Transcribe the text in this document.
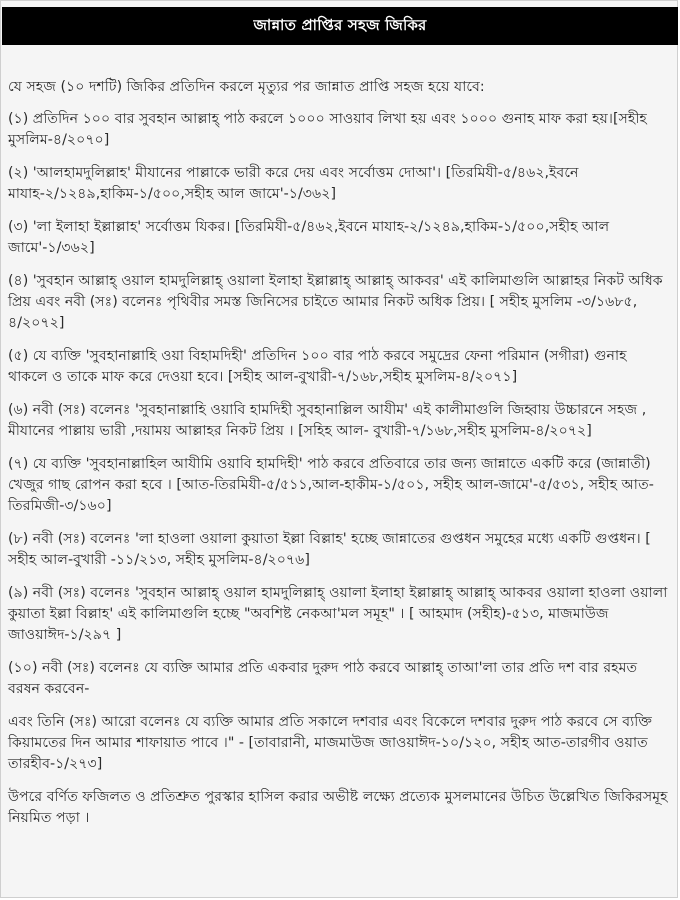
জান্নাত প্রাপ্তির সহজ জিকির

যে সহজ (১০ দশটি) জিকির প্রতিদিন করলে মৃত্যুর পর জান্নাত প্রাপ্তি সহজ হয়ে যাবে:

(১) প্রতিদিন ১০০ বার সুবহান আল্লাহ্ পাঠ করলে ১০০০ সাওয়াব লিখা হয় এবং ১০০০ গুনাহ মাফ করা হয়।[সহীহ মুসলিম-৪/২০৭০]

(২) 'আলহামদুলিল্লাহ' মীযানের পাল্লাকে ভারী করে দেয় এবং সর্বোত্তম দোআ'। [তিরমিযী-৫/৪৬২,ইবনে মাযাহ-২/১২৪৯,হাকিম-১/৫০০,সহীহ আল জামে'-১/৩৬২]

(৩) 'লা ইলাহা ইল্লাল্লাহ' সর্বোত্তম যিকর। [তিরমিযী-৫/৪৬২,ইবনে মাযাহ-২/১২৪৯,হাকিম-১/৫০০,সহীহ আল জামে'-১/৩৬২]

(৪) 'সুবহান আল্লাহ্ ওয়াল হামদুলিল্লাহ্ ওয়ালা ইলাহা ইল্লাল্লাহ্ আল্লাহ্ আকবর' এই কালিমাগুলি আল্লাহর নিকট অধিক প্রিয় এবং নবী (সঃ) বলেনঃ পৃথিবীর সমস্ত জিনিসের চাইতে আমার নিকট অধিক প্রিয়। [ সহীহ মুসলিম -৩/১৬৮৫, ৪/২০৭২]

(৫) যে ব্যক্তি 'সুবহানাল্লাহি ওয়া বিহামদিহী' প্রতিদিন ১০০ বার পাঠ করবে সমুদ্রের ফেনা পরিমান (সগীরা) গুনাহ থাকলে ও তাকে মাফ করে দেওয়া হবে। [সহীহ আল-বুখারী-৭/১৬৮,সহীহ মুসলিম-৪/২০৭১]

(৬) নবী (সঃ) বলেনঃ 'সুবহানাল্লাহি ওয়াবি হামদিহী সুবহানাল্লিল আযীম' এই কালীমাগুলি জিহ্বায় উচ্চারনে সহজ , মীযানের পাল্লায় ভারী ,দয়াময় আল্লাহর নিকট প্রিয় । [সহিহ আল- বুখারী-৭/১৬৮,সহীহ মুসলিম-৪/২০৭২]

(৭) যে ব্যক্তি 'সুবহানাল্লাহিল আযীমি ওয়াবি হামদিহী' পাঠ করবে প্রতিবারে তার জন্য জান্নাতে একটি করে (জান্নাতী) খেজুর গাছ রোপন করা হবে । [আত-তিরমিযী-৫/৫১১,আল-হাকীম-১/৫০১, সহীহ আল-জামে'-৫/৫৩১, সহীহ আত-তিরমিজী-৩/১৬০]

(৮) নবী (সঃ) বলেনঃ 'লা হাওলা ওয়ালা কুয়াতা ইল্লা বিল্লাহ' হচ্ছে জান্নাতের গুপ্তধন সমুহের মধ্যে একটি গুপ্তধন। [ সহীহ আল-বুখারী -১১/২১৩, সহীহ মুসলিম-৪/২০৭৬]

(৯) নবী (সঃ) বলেনঃ 'সুবহান আল্লাহ্ ওয়াল হামদুলিল্লাহ্ ওয়ালা ইলাহা ইল্লাল্লাহ্ আল্লাহ্ আকবর ওয়ালা হাওলা ওয়ালা কুয়াতা ইল্লা বিল্লাহ' এই কালিমাগুলি হচ্ছে "অবশিষ্ট নেকআ'মল সমূহ" । [ আহমাদ (সহীহ)-৫১৩, মাজমাউজ জাওয়াঈদ-১/২৯৭ ]

(১০) নবী (সঃ) বলেনঃ যে ব্যক্তি আমার প্রতি একবার দুরুদ পাঠ করবে আল্লাহ্ তাআ'লা তার প্রতি দশ বার রহমত বরষন করবেন-

এবং তিনি (সঃ) আরো বলেনঃ যে ব্যক্তি আমার প্রতি সকালে দশবার এবং বিকেলে দশবার দুরুদ পাঠ করবে সে ব্যক্তি কিয়ামতের দিন আমার শাফায়াত পাবে ।" - [তাবারানী, মাজমাউজ জাওয়াঈদ-১০/১২০, সহীহ আত-তারগীব ওয়াত তারহীব-১/২৭৩]

উপরে বর্ণিত ফজিলত ও প্রতিশ্রুত পুরস্কার হাসিল করার অভীষ্ট লক্ষ্যে প্রত্যেক মুসলমানের উচিত উল্লেখিত জিকিরসমূহ নিয়মিত পড়া ।
